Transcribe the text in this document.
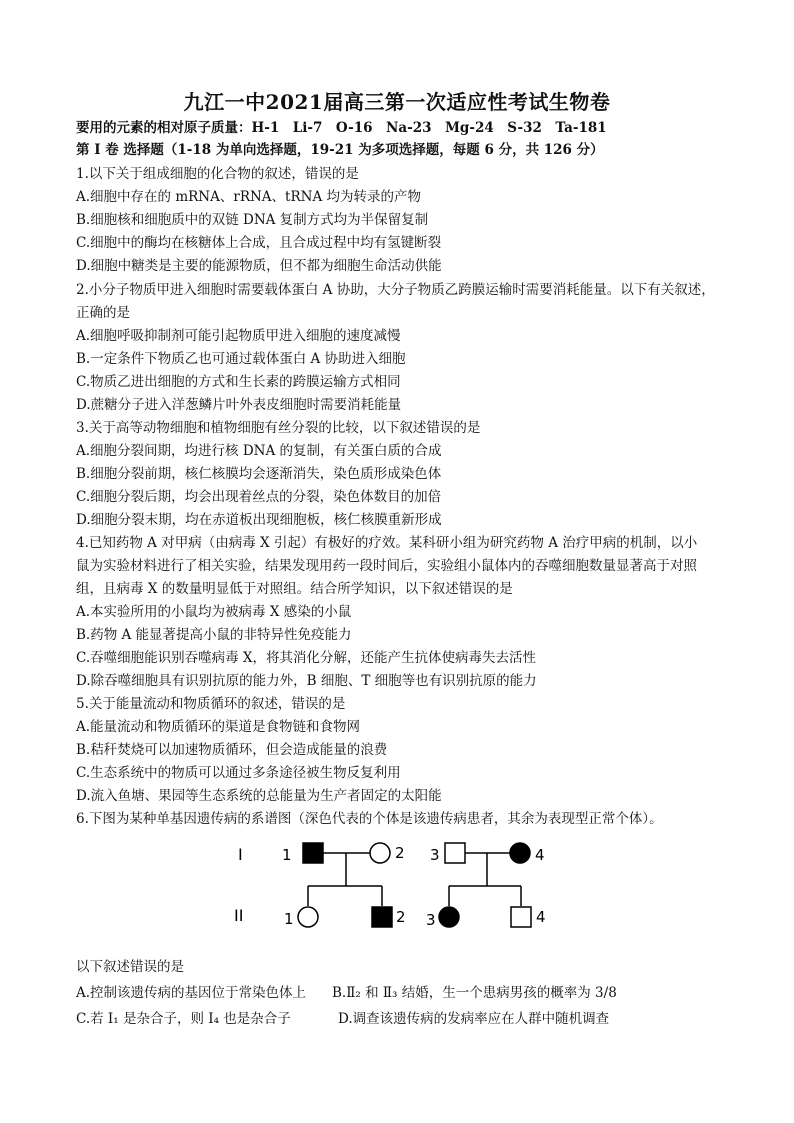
九江一中2021届高三第一次适应性考试生物卷
要用的元素的相对原子质量：H-1　Li-7　O-16　Na-23　Mg-24　S-32　Ta-181
第 I 卷 选择题（1-18 为单向选择题，19-21 为多项选择题，每题 6 分，共 126 分）
1.以下关于组成细胞的化合物的叙述，错误的是
A.细胞中存在的 mRNA、rRNA、tRNA 均为转录的产物
B.细胞核和细胞质中的双链 DNA 复制方式均为半保留复制
C.细胞中的酶均在核糖体上合成，且合成过程中均有氢键断裂
D.细胞中糖类是主要的能源物质，但不都为细胞生命活动供能
2.小分子物质甲进入细胞时需要载体蛋白 A 协助，大分子物质乙跨膜运输时需要消耗能量。以下有关叙述，
正确的是
A.细胞呼吸抑制剂可能引起物质甲进入细胞的速度减慢
B.一定条件下物质乙也可通过载体蛋白 A 协助进入细胞
C.物质乙进出细胞的方式和生长素的跨膜运输方式相同
D.蔗糖分子进入洋葱鳞片叶外表皮细胞时需要消耗能量
3.关于高等动物细胞和植物细胞有丝分裂的比较，以下叙述错误的是
A.细胞分裂间期，均进行核 DNA 的复制，有关蛋白质的合成
B.细胞分裂前期，核仁核膜均会逐渐消失，染色质形成染色体
C.细胞分裂后期，均会出现着丝点的分裂，染色体数目的加倍
D.细胞分裂末期，均在赤道板出现细胞板，核仁核膜重新形成
4.已知药物 A 对甲病（由病毒 X 引起）有极好的疗效。某科研小组为研究药物 A 治疗甲病的机制，以小
鼠为实验材料进行了相关实验，结果发现用药一段时间后，实验组小鼠体内的吞噬细胞数量显著高于对照
组，且病毒 X 的数量明显低于对照组。结合所学知识，以下叙述错误的是
A.本实验所用的小鼠均为被病毒 X 感染的小鼠
B.药物 A 能显著提高小鼠的非特异性免疫能力
C.吞噬细胞能识别吞噬病毒 X，将其消化分解，还能产生抗体使病毒失去活性
D.除吞噬细胞具有识别抗原的能力外，B 细胞、T 细胞等也有识别抗原的能力
5.关于能量流动和物质循环的叙述，错误的是
A.能量流动和物质循环的渠道是食物链和食物网
B.秸秆焚烧可以加速物质循环，但会造成能量的浪费
C.生态系统中的物质可以通过多条途径被生物反复利用
D.流入鱼塘、果园等生态系统的总能量为生产者固定的太阳能
6.下图为某种单基因遗传病的系谱图（深色代表的个体是该遗传病患者，其余为表现型正常个体）。
I
II
1	2
1	2
3	4
3	4
以下叙述错误的是
A.控制该遗传病的基因位于常染色体上 B.Ⅱ₂ 和 Ⅱ₃ 结婚，生一个患病男孩的概率为 3/8
C.若 I₁ 是杂合子，则 I₄ 也是杂合子	D.调查该遗传病的发病率应在人群中随机调查
